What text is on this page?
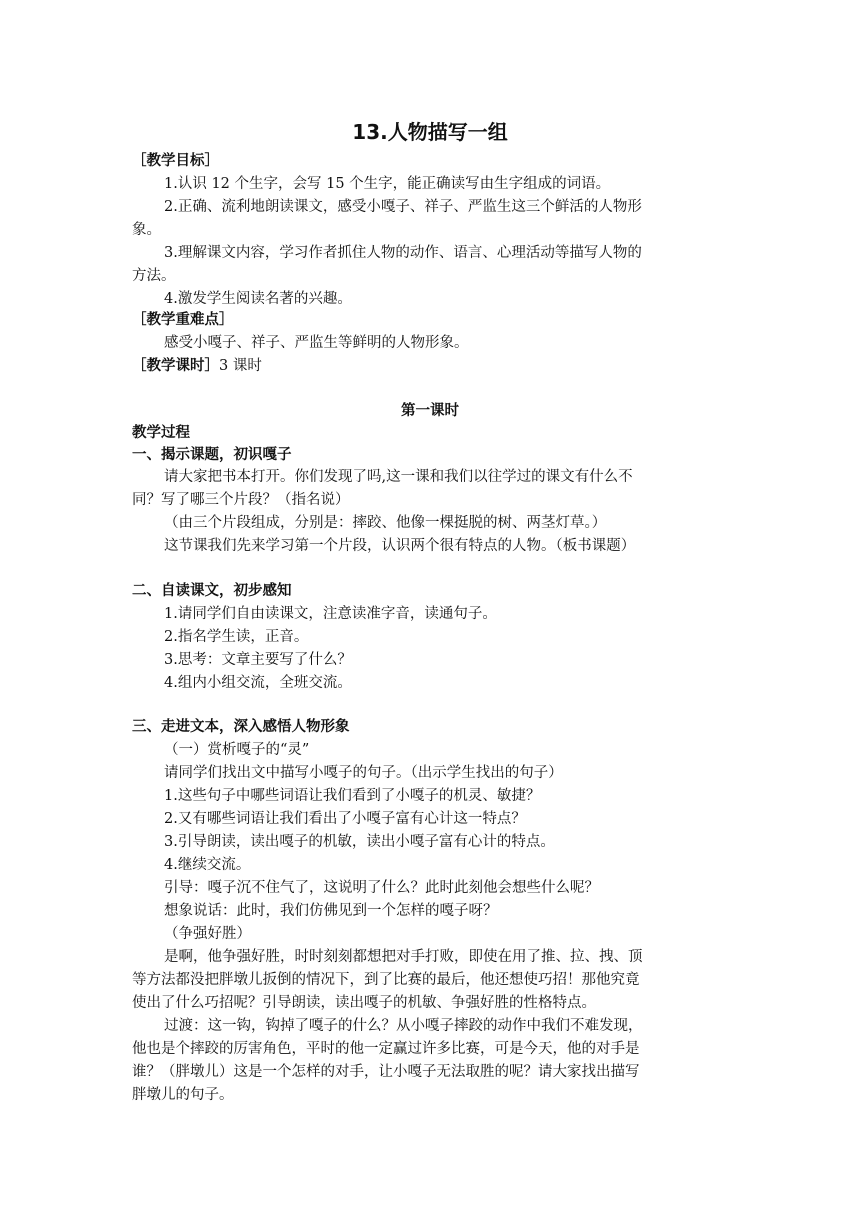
13.人物描写一组
［教学目标］
1.认识 12 个生字，会写 15 个生字，能正确读写由生字组成的词语。
2.正确、流利地朗读课文，感受小嘎子、祥子、严监生这三个鲜活的人物形
象。
3.理解课文内容，学习作者抓住人物的动作、语言、心理活动等描写人物的
方法。
4.激发学生阅读名著的兴趣。
［教学重难点］
感受小嘎子、祥子、严监生等鲜明的人物形象。
［教学课时］3 课时
第一课时
教学过程
一、揭示课题，初识嘎子
请大家把书本打开。你们发现了吗,这一课和我们以往学过的课文有什么不
同？写了哪三个片段？（指名说）
（由三个片段组成，分别是：摔跤、他像一棵挺脱的树、两茎灯草。）
这节课我们先来学习第一个片段，认识两个很有特点的人物。（板书课题）
二、自读课文，初步感知
1.请同学们自由读课文，注意读准字音，读通句子。
2.指名学生读，正音。
3.思考：文章主要写了什么？
4.组内小组交流，全班交流。
三、走进文本，深入感悟人物形象
（一）赏析嘎子的“灵”
请同学们找出文中描写小嘎子的句子。（出示学生找出的句子）
1.这些句子中哪些词语让我们看到了小嘎子的机灵、敏捷？
2.又有哪些词语让我们看出了小嘎子富有心计这一特点？
3.引导朗读，读出嘎子的机敏，读出小嘎子富有心计的特点。
4.继续交流。
引导：嘎子沉不住气了，这说明了什么？此时此刻他会想些什么呢？
想象说话：此时，我们仿佛见到一个怎样的嘎子呀？
（争强好胜）
是啊，他争强好胜，时时刻刻都想把对手打败，即使在用了推、拉、拽、顶
等方法都没把胖墩儿扳倒的情况下，到了比赛的最后，他还想使巧招！那他究竟
使出了什么巧招呢？引导朗读，读出嘎子的机敏、争强好胜的性格特点。
过渡：这一钩，钩掉了嘎子的什么？从小嘎子摔跤的动作中我们不难发现，
他也是个摔跤的厉害角色，平时的他一定赢过许多比赛，可是今天，他的对手是
谁？（胖墩儿）这是一个怎样的对手，让小嘎子无法取胜的呢？请大家找出描写
胖墩儿的句子。
